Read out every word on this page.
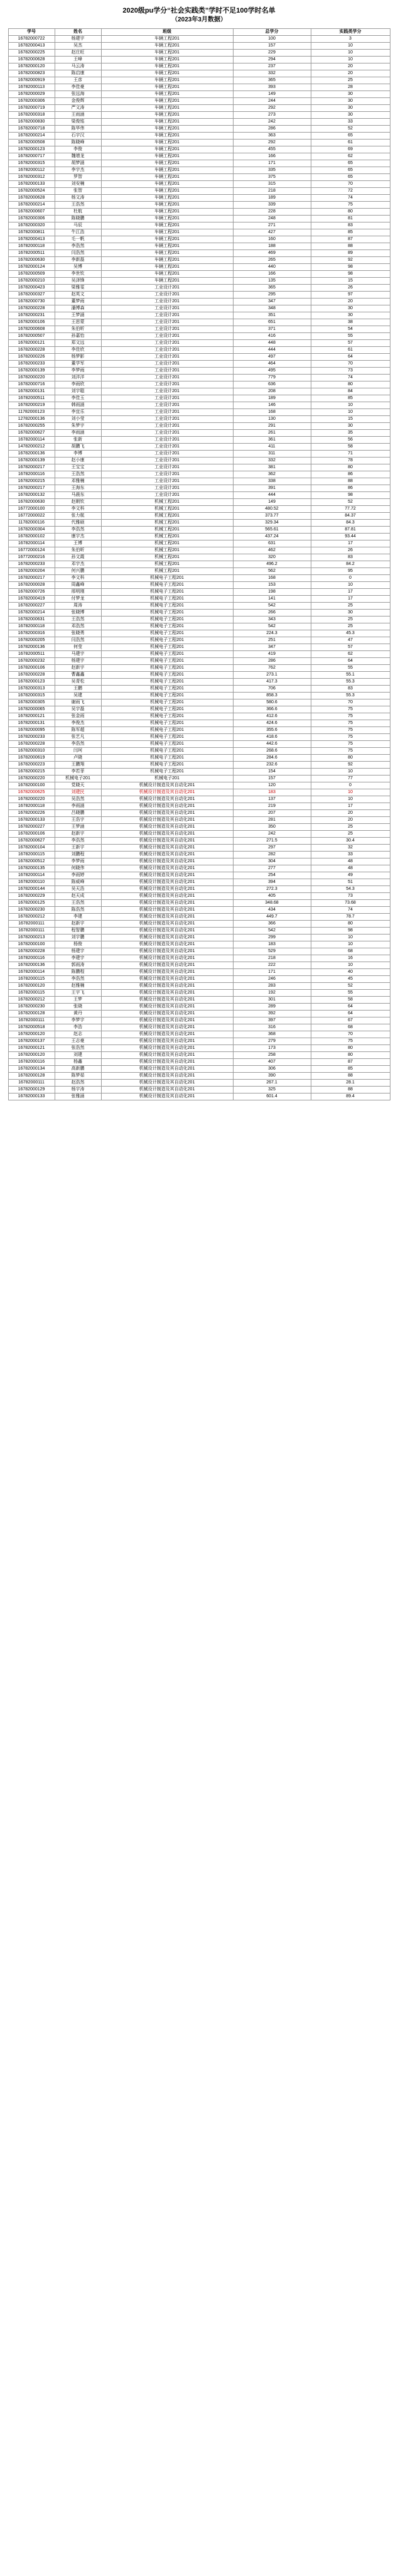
2020级pu学分“社会实践类”学时不足100学时名单
（2023年3月数据）
学号	姓名	班级	总学分	实践类学分
16782000722	杨建宇	车辆工程201	100	3
16782000413	吴杰	车辆工程201	157	10
16782000225	赵庄旺	车辆工程201	229	10
16782000628	王峰	车辆工程201	294	10
16782000120	马云涛	车辆工程201	237	20
16782000823	陈启康	车辆工程201	332	20
16782000919	王彦	车辆工程201	365	25
16782000113	李佳豪	车辆工程201	393	28
16782000029	张远海	车辆工程201	149	30
16782000306	金俊辉	车辆工程201	244	30
16782000719	严文涛	车辆工程201	292	30
16782000318	王雨涵	车辆工程201	273	30
16782000830	梁俊铭	车辆工程201	242	33
16782000718	陈华伟	车辆工程201	286	52
16782000214	石宇汉	车辆工程201	363	65
16782000508	陈晓峰	车辆工程201	292	61
16782000123	李俊	车辆工程201	455	69
16782000717	魏增龙	车辆工程201	166	62
16782000315	胡梦涵	车辆工程201	171	65
16782000112	李宇杰	车辆工程201	335	65
16782000312	罗智	车辆工程201	375	65
16782000133	刘安楠	车辆工程201	315	70
16782000524	张智	车辆工程201	218	72
16782000628	杨文涛	车辆工程201	189	74
16782000214	王浩然	车辆工程201	339	75
16782000607	杜航	车辆工程201	228	80
16782000306	陈晓鹏	车辆工程201	248	81
16782000320	马辰	车辆工程201	271	83
16782000811	牛江浩	车辆工程201	427	85
16782000413	毛一帆	车辆工程201	160	87
16782000118	李浩然	车辆工程201	188	88
16782000511	闫浩然	车辆工程201	469	89
16782000630	李新磊	车辆工程201	265	92
16782000124	吴博	车辆工程201	440	98
16782000509	李世钦	车辆工程201	166	98
16782000210	吴泽锋	车辆工程201	135	15
16782000423	梁雅雯	工业设计201	365	26
16782000327	赵英文	工业设计201	295	97
16782000730	董梦雨	工业设计201	347	20
16782000228	潘博森	工业设计201	348	30
16782000231	王梦涵	工业设计201	351	30
16782000106	王思蒙	工业设计201	651	38
16782000608	朱伯昕	工业设计201	371	54
16782000507	孙嘉怡	工业设计201	416	55
16782000121	郑文远	工业设计201	448	57
16782000228	李佳欣	工业设计201	444	61
16782000226	杨梦影	工业设计201	497	64
16782000233	董学军	工业设计201	464	70
16782000139	李梦雨	工业设计201	495	73
16782000220	刘洋洋	工业设计201	779	74
16782000716	李雨欣	工业设计201	636	80
16782000131	刘宇聪	工业设计201	208	84
16782000511	李佳玉	工业设计201	189	85
16782000219	韩雨涵	工业设计201	146	10
11782000123	李宜乐	工业设计201	168	10
12782000136	刘小莹	工业设计201	130	15
16782000255	朱梦宇	工业设计201	291	30
16782000627	李雨涵	工业设计201	261	35
16782000114	张新	工业设计201	361	56
14782000212	胡鹏飞	工业设计201	411	58
16782000136	李博	工业设计201	311	71
16782000139	赵小康	工业设计201	332	78
16782000217	王宝宝	工业设计201	381	80
16782000116	王浩然	工业设计201	362	86
16782000215	邓雅楠	工业设计201	338	88
16782000217	王海东	工业设计201	391	86
16782000132	马晨东	工业设计201	444	98
16782000630	赵朝钦	机械工程201	149	52
16772000100	李文科	机械工程201	480.52	77.72
16772000022	张力航	机械工程201	373.77	84.37
11782000116	代雅硕	机械工程201	329.34	84.3
16782000304	李浩然	机械工程201	565.61	87.81
16782000102	康宇杰	机械工程201	437.24	93.44
16782000114	王博	机械工程201	631	17
16772000124	朱伯昕	机械工程201	462	26
16772000216	孙文霞	机械工程201	320	83
16782000233	邓宇杰	机械工程201	496.2	84.2
16782000204	何兴鹏	机械工程201	562	95
16782000217	李文科	机械电子工程201	168	0
16782000028	周鑫峰	机械电子工程201	153	10
16782000726	邢明刚	机械电子工程201	198	17
16782000419	付梦龙	机械电子工程201	141	17
16782000227	周涛	机械电子工程201	542	25
16782000214	张晓博	机械电子工程201	266	30
16782000631	王浩然	机械电子工程201	343	25
16782000118	邓浩然	机械电子工程201	542	25
16782000316	张晓勇	机械电子工程201	224.3	45.3
16782000205	闫浩然	机械电子工程201	251	47
16782000136	何莹	机械电子工程201	347	57
16782000511	马建宇	机械电子工程201	419	62
16782000232	杨建宇	机械电子工程201	286	64
16782000106	赵新宇	机械电子工程201	762	55
16782000228	曹鑫鑫	机械电子工程201	273.1	55.1
16782000123	吴青松	机械电子工程201	417.3	55.3
16782000313	王鹏	机械电子工程201	706	83
16782000315	吴建	机械电子工程201	858.3	55.3
16782000305	谢雨飞	机械电子工程201	580.6	70
16782000065	吴宇磊	机械电子工程201	366.6	75
16782000121	张金雨	机械电子工程201	412.6	75
16782000131	李俊杰	机械电子工程201	424.6	75
16782000095	陈军超	机械电子工程201	355.6	75
16782000233	张艺凡	机械电子工程201	418.6	75
16782000228	李浩然	机械电子工程201	442.6	75
16782000310	闫珂	机械电子工程201	268.6	75
16782000619	卢晓	机械电子工程201	284.6	80
16782000223	王鹏翔	机械电子工程201	232.6	92
16782000215	李若菲	机械电子工程201	154	10
16782000220	机械电子201	机械电子201	157	77
16782000100	党晓天	机械设计制造及其自动化201	120	0
16782000625	刘建民	机械设计制造及其自动化201	183	10
16782000220	吴浩然	机械设计制造及其自动化201	137	10
16782000118	李雨涵	机械设计制造及其自动化201	219	17
16782000226	吕晓鹏	机械设计制造及其自动化201	207	20
16782000133	王浩宇	机械设计制造及其自动化201	281	20
16782000227	王梦涵	机械设计制造及其自动化201	350	25
16782000106	赵新宇	机械设计制造及其自动化201	242	25
16782000627	李浩然	机械设计制造及其自动化201	271.5	30.4
16782000104	王新宇	机械设计制造及其自动化201	297	32
16782000115	刘鹏程	机械设计制造及其自动化201	282	33
16782000512	李梦雨	机械设计制造及其自动化201	304	48
16782000135	何晓伟	机械设计制造及其自动化201	277	48
16782000114	李雨婷	机械设计制造及其自动化201	254	49
16782000110	陈威峰	机械设计制造及其自动化201	394	51
16782000144	吴天浩	机械设计制造及其自动化201	272.3	54.3
16782000229	赵天成	机械设计制造及其自动化201	405	73
16782000125	王浩然	机械设计制造及其自动化201	348.68	73.68
16782000230	陈浩然	机械设计制造及其自动化201	434	74
16782000212	李建	机械设计制造及其自动化201	449.7	78.7
16782000111	赵新宇	机械设计制造及其自动化201	366	80
16782000111	程智鹏	机械设计制造及其自动化201	542	98
16782000213	刘宇鹏	机械设计制造及其自动化201	299	10
16782000100	杨俊	机械设计制造及其自动化201	183	10
16782000228	杨建宇	机械设计制造及其自动化201	529	68
16782000116	李建宇	机械设计制造及其自动化201	218	16
16782000136	郭雨涛	机械设计制造及其自动化201	222	10
16782000114	陈鹏程	机械设计制造及其自动化201	171	40
16782000115	李浩然	机械设计制造及其自动化201	246	45
16782000120	赵雅楠	机械设计制造及其自动化201	283	52
16782000115	王宇飞	机械设计制造及其自动化201	192	55
16782000212	王梦	机械设计制造及其自动化201	301	58
16782000230	张晓	机械设计制造及其自动化201	289	64
16782000128	黄丹	机械设计制造及其自动化201	392	64
16782000111	李梦宇	机械设计制造及其自动化201	397	67
16782000518	李浩	机械设计制造及其自动化201	316	68
16782000120	赵志	机械设计制造及其自动化201	368	70
16782000137	王志豪	机械设计制造及其自动化201	279	75
16782000121	张浩然	机械设计制造及其自动化201	173	80
16782000120	刘建	机械设计制造及其自动化201	258	80
16782000116	杨鑫	机械设计制造及其自动化201	407	87
16782000134	高新鹏	机械设计制造及其自动化201	306	85
16782000128	陈梦茹	机械设计制造及其自动化201	390	88
16782000111	赵浩然	机械设计制造及其自动化201	267.1	28.1
16782000129	杨宇涛	机械设计制造及其自动化201	325	88
16782000133	张雅涵	机械设计制造及其自动化201	601.4	89.4
